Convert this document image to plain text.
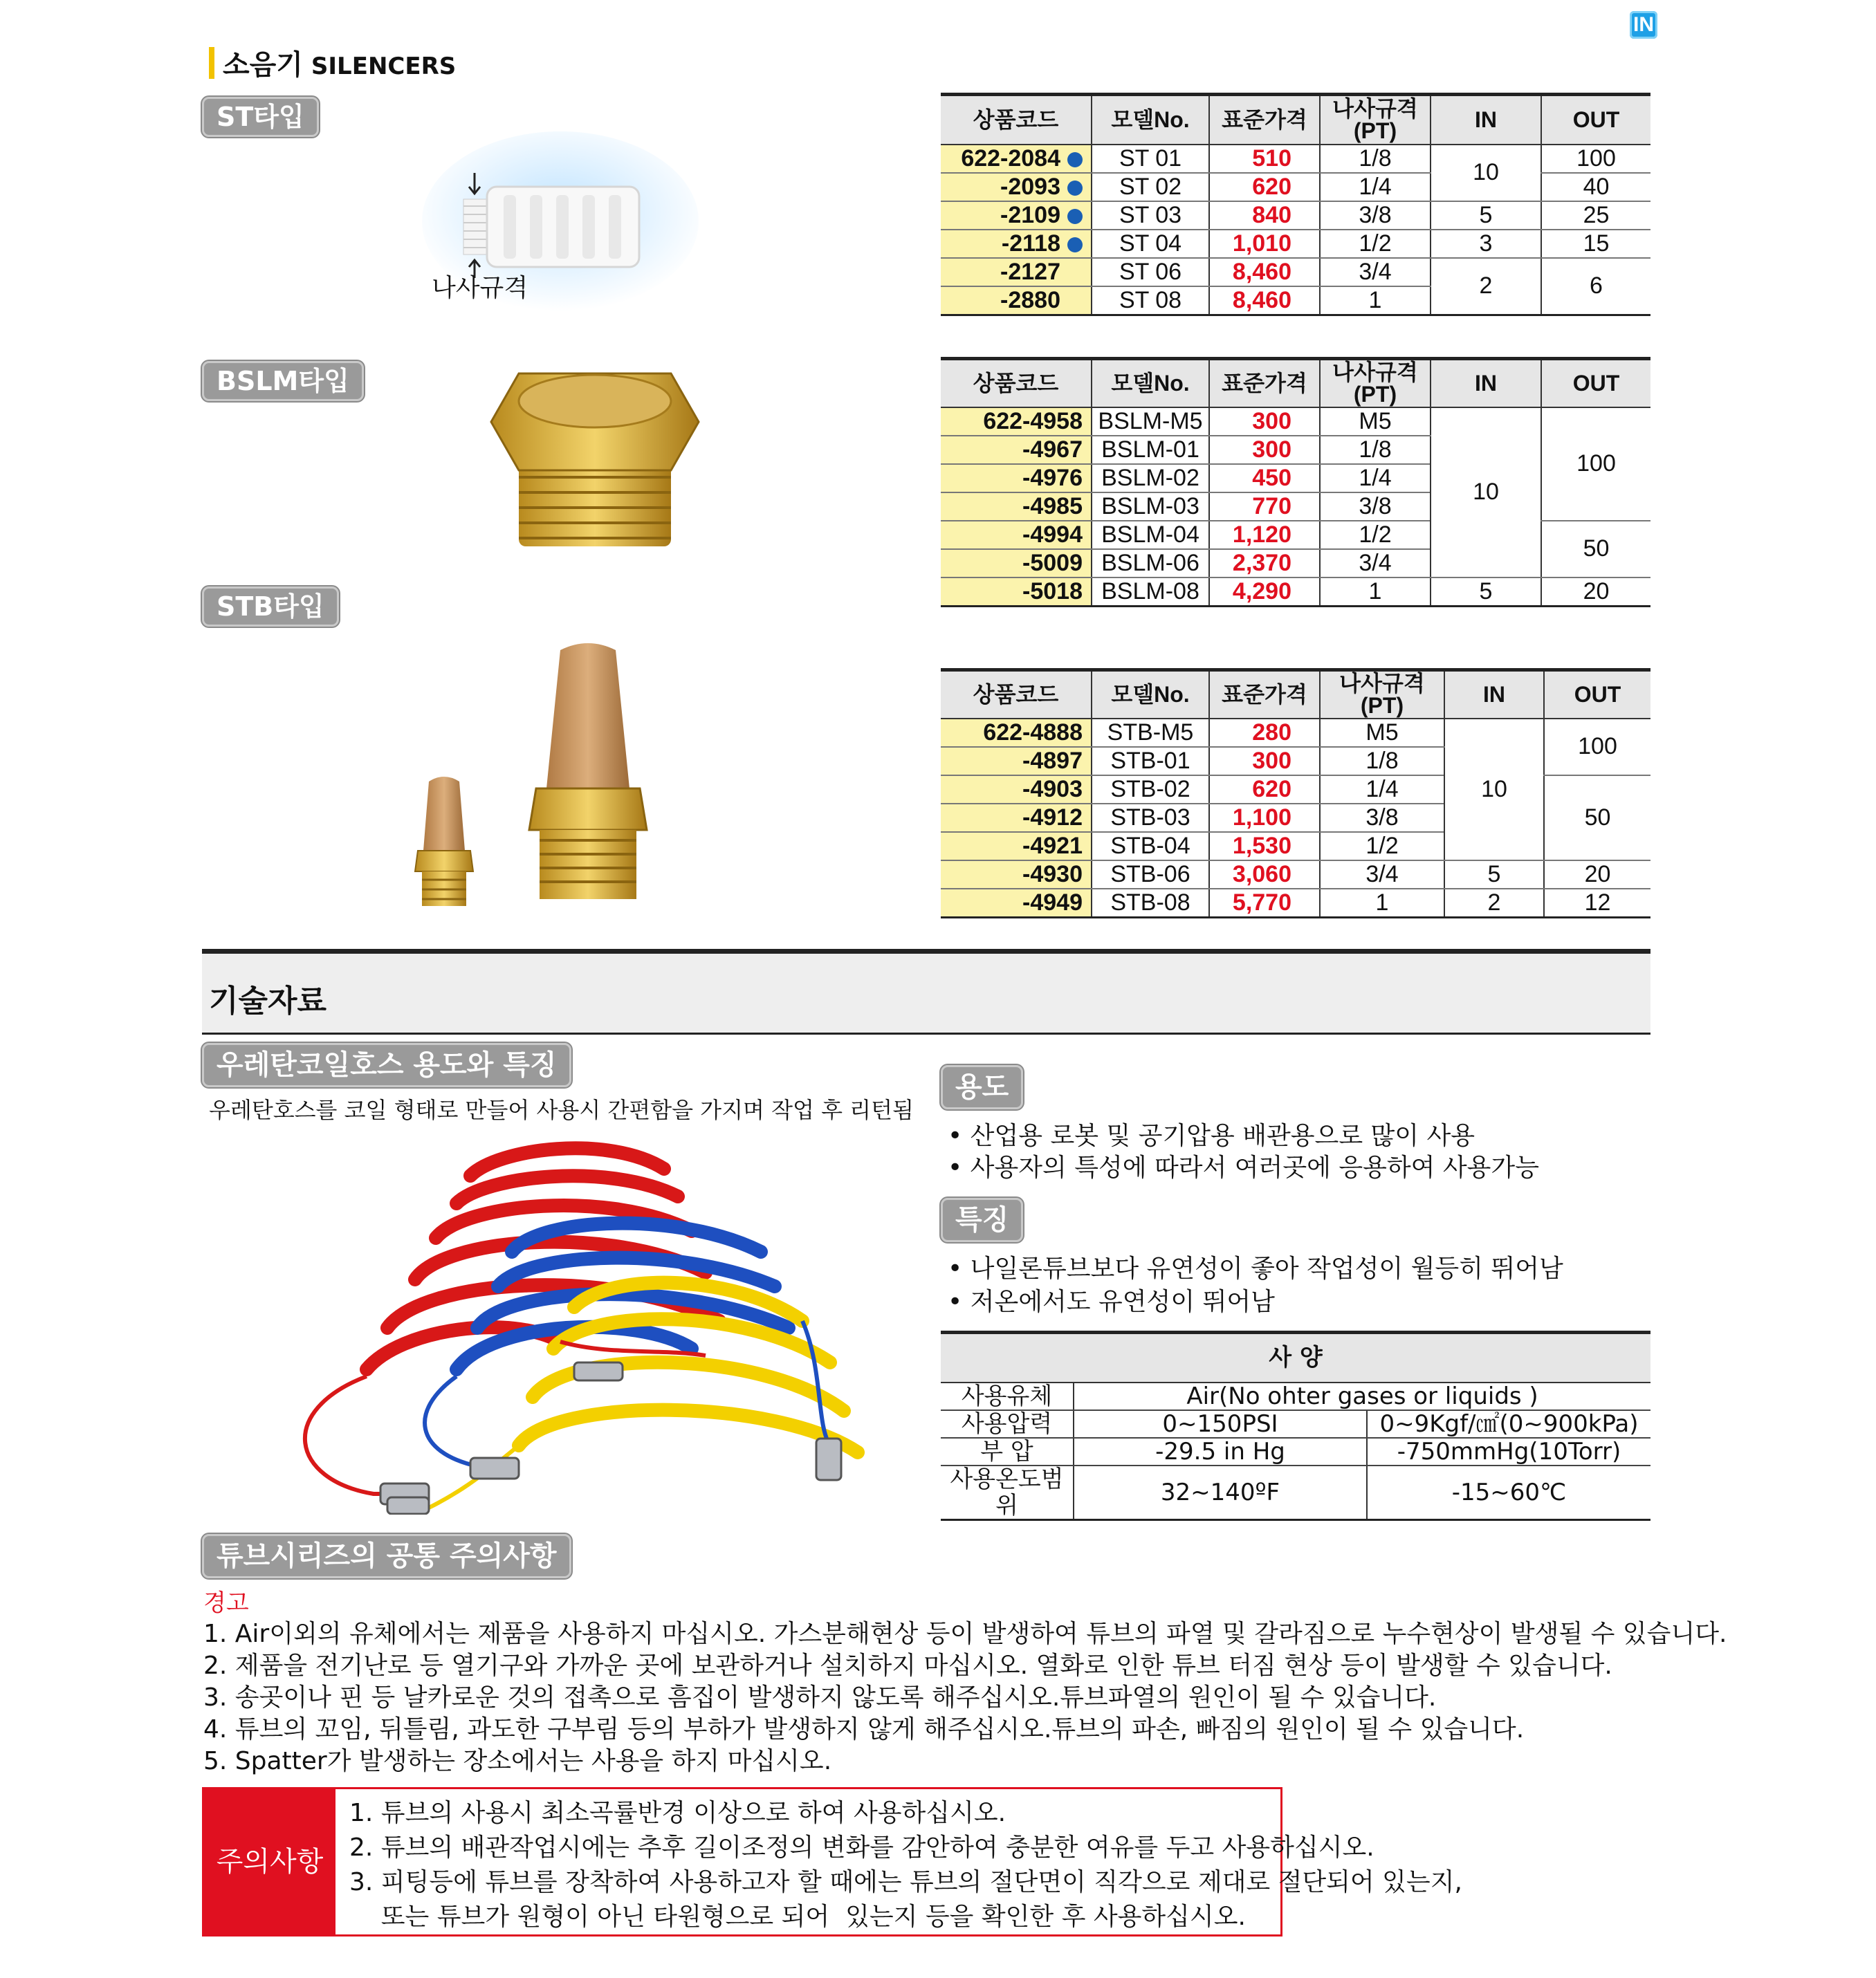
IN
소음기 SILENCERS
ST타입
BSLM타입
STB타입
나사규격
상품코드	모델No.	표준가격	나사규격
(PT)	IN	OUT
622-2084	ST 01	510	1/8	10	100
-2093	ST 02	620	1/4		40
-2109	ST 03	840	3/8	5	25
-2118	ST 04	1,010	1/2	3	15
-2127	ST 06	8,460	3/4	2	6
-2880	ST 08	8,460	1		
상품코드	모델No.	표준가격	나사규격
(PT)	IN	OUT
622-4958	BSLM-M5	300	M5	10	100
-4967	BSLM-01	300	1/8		
-4976	BSLM-02	450	1/4		
-4985	BSLM-03	770	3/8		
-4994	BSLM-04	1,120	1/2		50
-5009	BSLM-06	2,370	3/4		
-5018	BSLM-08	4,290	1	5	20
상품코드	모델No.	표준가격	나사규격
(PT)	IN	OUT
622-4888	STB-M5	280	M5	10	100
-4897	STB-01	300	1/8		
-4903	STB-02	620	1/4		50
-4912	STB-03	1,100	3/8		
-4921	STB-04	1,530	1/2		
-4930	STB-06	3,060	3/4	5	20
-4949	STB-08	5,770	1	2	12
기술자료
우레탄코일호스 용도와 특징
우레탄호스를 코일 형태로 만들어 사용시 간편함을 가지며 작업 후 리턴됨
용도
• 산업용 로봇 및 공기압용 배관용으로 많이 사용
• 사용자의 특성에 따라서 여러곳에 응용하여 사용가능
특징
• 나일론튜브보다 유연성이 좋아 작업성이 월등히 뛰어남
• 저온에서도 유연성이 뛰어남
사 양		
사용유체	Air(No ohter gases or liquids )	
사용압력	0~150PSI	0~9Kgf/㎠(0~900kPa)
부 압	-29.5 in Hg	-750mmHg(10Torr)
사용온도범위	32~140ºF	-15~60℃
튜브시리즈의 공통 주의사항
경고
1. Air이외의 유체에서는 제품을 사용하지 마십시오. 가스분해현상 등이 발생하여 튜브의 파열 및 갈라짐으로 누수현상이 발생될 수 있습니다.
2. 제품을 전기난로 등 열기구와 가까운 곳에 보관하거나 설치하지 마십시오. 열화로 인한 튜브 터짐 현상 등이 발생할 수 있습니다.
3. 송곳이나 핀 등 날카로운 것의 접촉으로 흠집이 발생하지 않도록 해주십시오.튜브파열의 원인이 될 수 있습니다.
4. 튜브의 꼬임, 뒤틀림, 과도한 구부림 등의 부하가 발생하지 않게 해주십시오.튜브의 파손, 빠짐의 원인이 될 수 있습니다.
5. Spatter가 발생하는 장소에서는 사용을 하지 마십시오.
주의사항
1. 튜브의 사용시 최소곡률반경 이상으로 하여 사용하십시오.
2. 튜브의 배관작업시에는 추후 길이조정의 변화를 감안하여 충분한 여유를 두고 사용하십시오.
3. 피팅등에 튜브를 장착하여 사용하고자 할 때에는 튜브의 절단면이 직각으로 제대로 절단되어 있는지,
또는 튜브가 원형이 아닌 타원형으로 되어  있는지 등을 확인한 후 사용하십시오.
